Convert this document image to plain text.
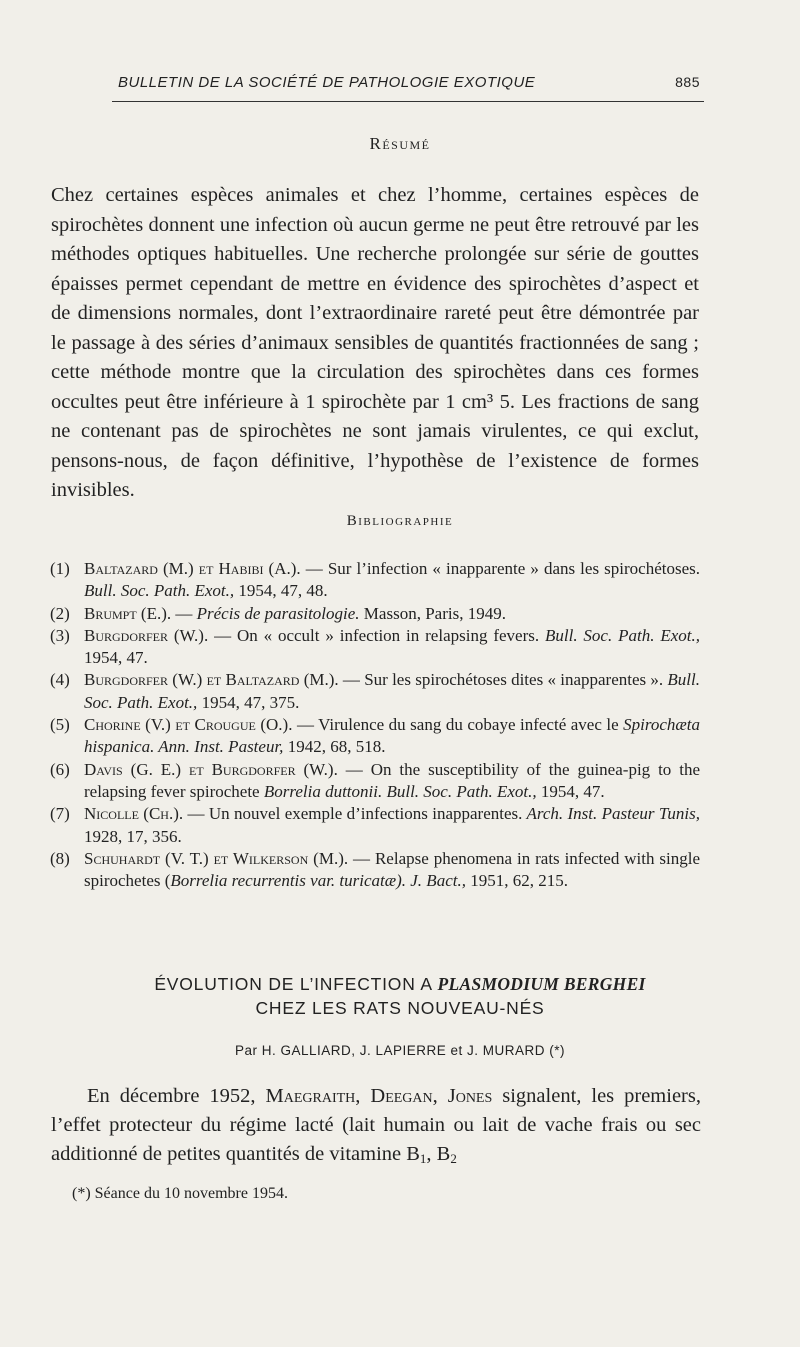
BULLETIN DE LA SOCIÉTÉ DE PATHOLOGIE EXOTIQUE	885
Résumé

Chez certaines espèces animales et chez l’homme, certaines espèces de spirochètes donnent une infection où aucun germe ne peut être retrouvé par les méthodes optiques habituelles. Une recherche prolongée sur série de gouttes épaisses permet cependant de mettre en évidence des spirochètes d’aspect et de dimensions normales, dont l’extraordinaire rareté peut être démontrée par le passage à des séries d’animaux sensibles de quantités fractionnées de sang ; cette méthode montre que la circulation des spirochètes dans ces formes occultes peut être inférieure à 1 spirochète par 1 cm³ 5. Les fractions de sang ne contenant pas de spirochètes ne sont jamais virulentes, ce qui exclut, pensons-nous, de façon définitive, l’hypothèse de l’existence de formes invisibles.

Bibliographie
(1) Baltazard (M.) et Habibi (A.). — Sur l’infection « inapparente » dans les spirochétoses. Bull. Soc. Path. Exot., 1954, 47, 48.
(2) Brumpt (E.). — Précis de parasitologie. Masson, Paris, 1949.
(3) Burgdorfer (W.). — On « occult » infection in relapsing fevers. Bull. Soc. Path. Exot., 1954, 47.
(4) Burgdorfer (W.) et Baltazard (M.). — Sur les spirochétoses dites « inapparentes ». Bull. Soc. Path. Exot., 1954, 47, 375.
(5) Chorine (V.) et Crougue (O.). — Virulence du sang du cobaye infecté avec le Spirochæta hispanica. Ann. Inst. Pasteur, 1942, 68, 518.
(6) Davis (G. E.) et Burgdorfer (W.). — On the susceptibility of the guinea-pig to the relapsing fever spirochete Borrelia duttonii. Bull. Soc. Path. Exot., 1954, 47.
(7) Nicolle (Ch.). — Un nouvel exemple d’infections inapparentes. Arch. Inst. Pasteur Tunis, 1928, 17, 356.
(8) Schuhardt (V. T.) et Wilkerson (M.). — Relapse phenomena in rats infected with single spirochetes (Borrelia recurrentis var. turicatæ). J. Bact., 1951, 62, 215.
ÉVOLUTION DE L’INFECTION A PLASMODIUM BERGHEI
CHEZ LES RATS NOUVEAU-NÉS
Par H. GALLIARD, J. LAPIERRE et J. MURARD (*)

En décembre 1952, Maegraith, Deegan, Jones signalent, les premiers, l’effet protecteur du régime lacté (lait humain ou lait de vache frais ou sec additionné de petites quantités de vitamine $B_1$, $B_2$

(*) Séance du 10 novembre 1954.
